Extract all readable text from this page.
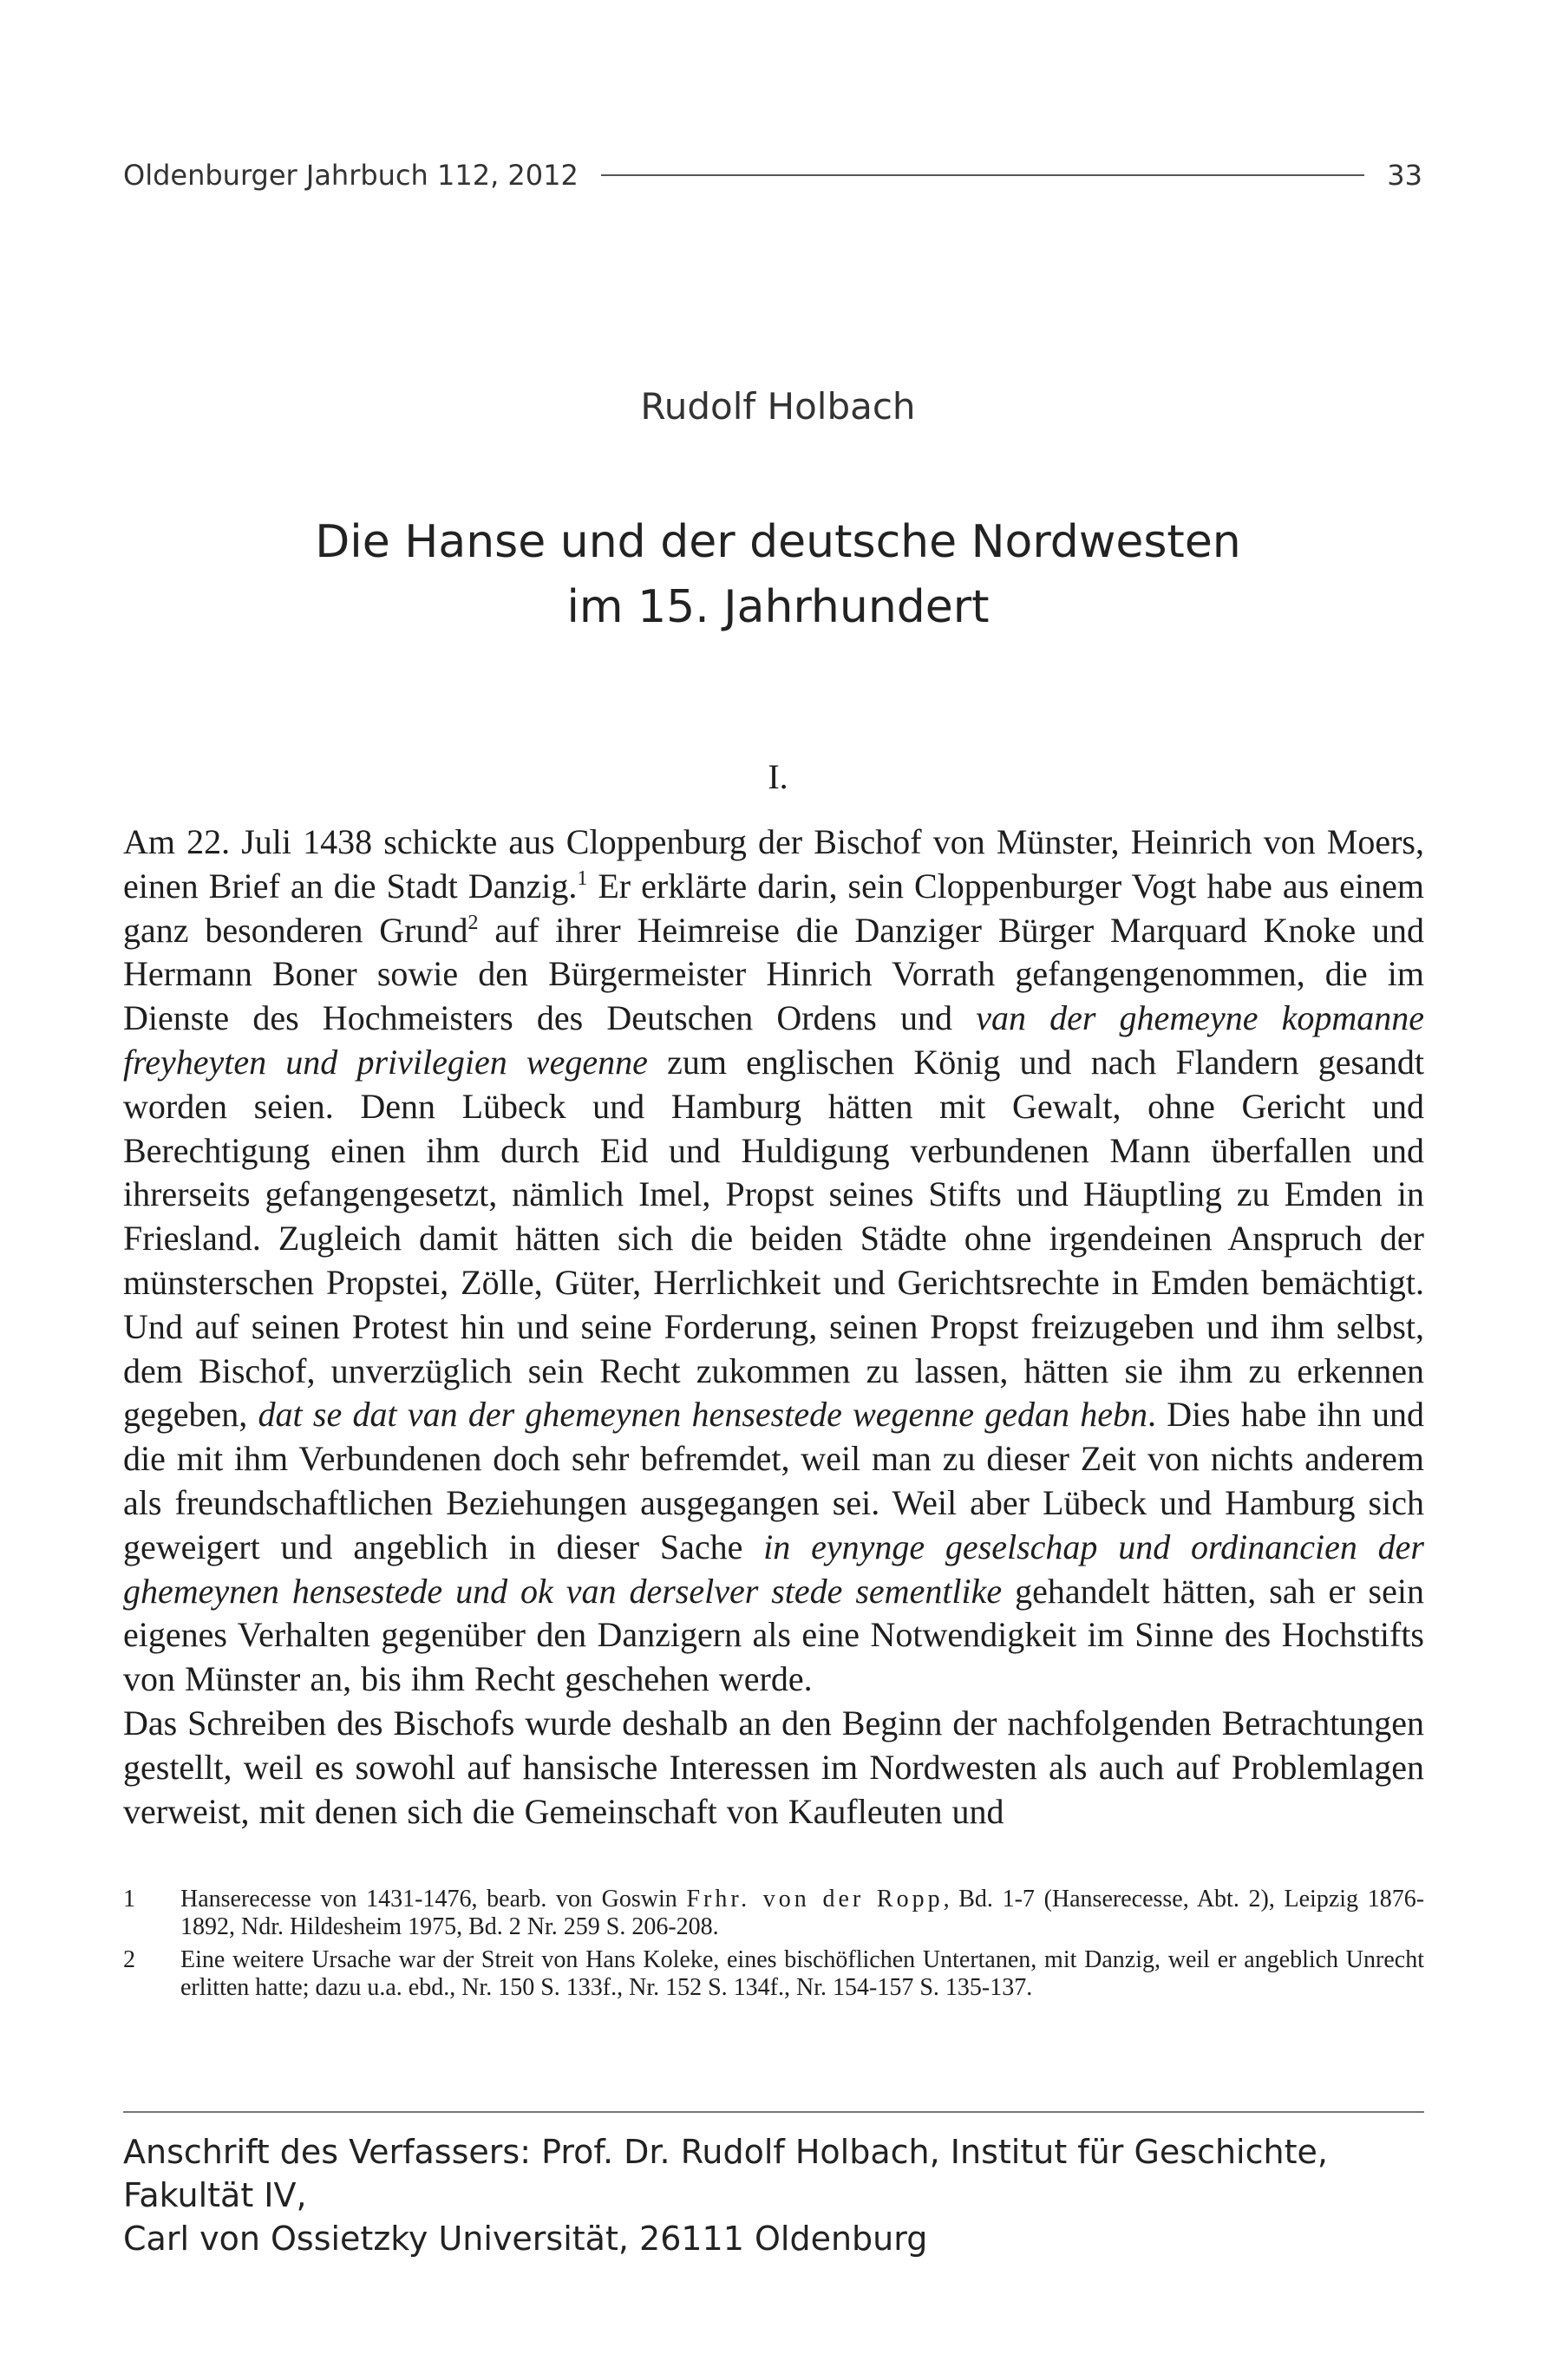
Oldenburger Jahrbuch 112, 2012	33
Rudolf Holbach
Die Hanse und der deutsche Nordwesten
im 15. Jahrhundert
I.

Am 22. Juli 1438 schickte aus Cloppenburg der Bischof von Münster, Heinrich von Moers, einen Brief an die Stadt Danzig.$^1$ Er erklärte darin, sein Cloppenburger Vogt habe aus einem ganz besonderen Grund$^2$ auf ihrer Heimreise die Danziger Bürger Marquard Knoke und Hermann Boner sowie den Bürgermeister Hinrich Vorrath gefangengenommen, die im Dienste des Hochmeisters des Deutschen Ordens und van der ghemeyne kopmanne freyheyten und privilegien wegenne zum englischen König und nach Flandern gesandt worden seien. Denn Lübeck und Hamburg hätten mit Gewalt, ohne Gericht und Berechtigung einen ihm durch Eid und Huldigung verbundenen Mann überfallen und ihrerseits gefangengesetzt, nämlich Imel, Propst seines Stifts und Häuptling zu Emden in Friesland. Zugleich damit hätten sich die beiden Städte ohne irgendeinen Anspruch der münsterschen Propstei, Zölle, Güter, Herrlichkeit und Gerichtsrechte in Emden bemächtigt. Und auf seinen Protest hin und seine Forderung, seinen Propst freizugeben und ihm selbst, dem Bischof, unverzüglich sein Recht zukommen zu lassen, hätten sie ihm zu erkennen gegeben, dat se dat van der ghemeynen hensestede wegenne gedan hebn. Dies habe ihn und die mit ihm Verbundenen doch sehr befremdet, weil man zu dieser Zeit von nichts anderem als freundschaftlichen Beziehungen ausgegangen sei. Weil aber Lübeck und Hamburg sich geweigert und angeblich in dieser Sache in eynynge geselschap und ordinancien der ghemeynen hensestede und ok van derselver stede sementlike gehandelt hätten, sah er sein eigenes Verhalten gegenüber den Danzigern als eine Notwendigkeit im Sinne des Hochstifts von Münster an, bis ihm Recht geschehen werde.

Das Schreiben des Bischofs wurde deshalb an den Beginn der nachfolgenden Betrachtungen gestellt, weil es sowohl auf hansische Interessen im Nordwesten als auch auf Problemlagen verweist, mit denen sich die Gemeinschaft von Kaufleuten und

1	Hanserecesse von 1431-1476, bearb. von Goswin Frhr. von der Ropp, Bd. 1-7 (Hanserecesse, Abt. 2), Leipzig 1876-1892, Ndr. Hildesheim 1975, Bd. 2 Nr. 259 S. 206-208.
2	Eine weitere Ursache war der Streit von Hans Koleke, eines bischöflichen Untertanen, mit Danzig, weil er angeblich Unrecht erlitten hatte; dazu u.a. ebd., Nr. 150 S. 133f., Nr. 152 S. 134f., Nr. 154-157 S. 135-137.
Anschrift des Verfassers: Prof. Dr. Rudolf Holbach, Institut für Geschichte, Fakultät IV,
Carl von Ossietzky Universität, 26111 Oldenburg
